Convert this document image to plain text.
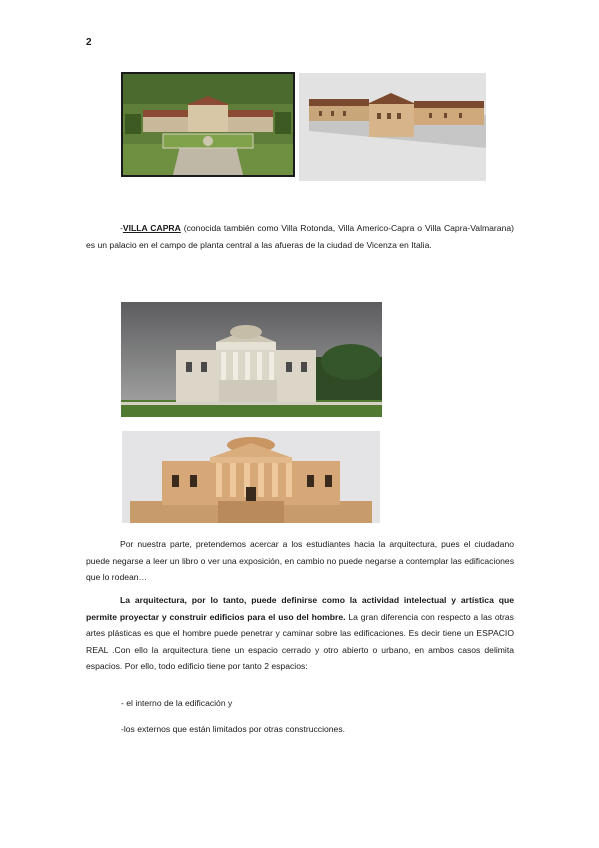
2

-VILLA CAPRA (conocida también como Villa Rotonda, Villa Americo-Capra o Villa Capra-Valmarana) es un palacio en el campo de planta central a las afueras de la ciudad de Vicenza en Italia.

Por nuestra parte, pretendemos acercar a los estudiantes hacia la arquitectura, pues el ciudadano puede negarse a leer un libro o ver una exposición, en cambio no puede negarse a contemplar las edificaciones que lo rodean…

La arquitectura, por lo tanto, puede definirse como la actividad intelectual y artística que permite proyectar y construir edificios para el uso del hombre. La gran diferencia con respecto a las otras artes plásticas es que el hombre puede penetrar y caminar sobre las edificaciones. Es decir tiene un ESPACIO REAL .Con ello la arquitectura tiene un espacio cerrado y otro abierto o urbano, en ambos casos delimita espacios. Por ello, todo edificio tiene por tanto 2 espacios:

- el interno de la edificación y
-los externos que están limitados por otras construcciones.
